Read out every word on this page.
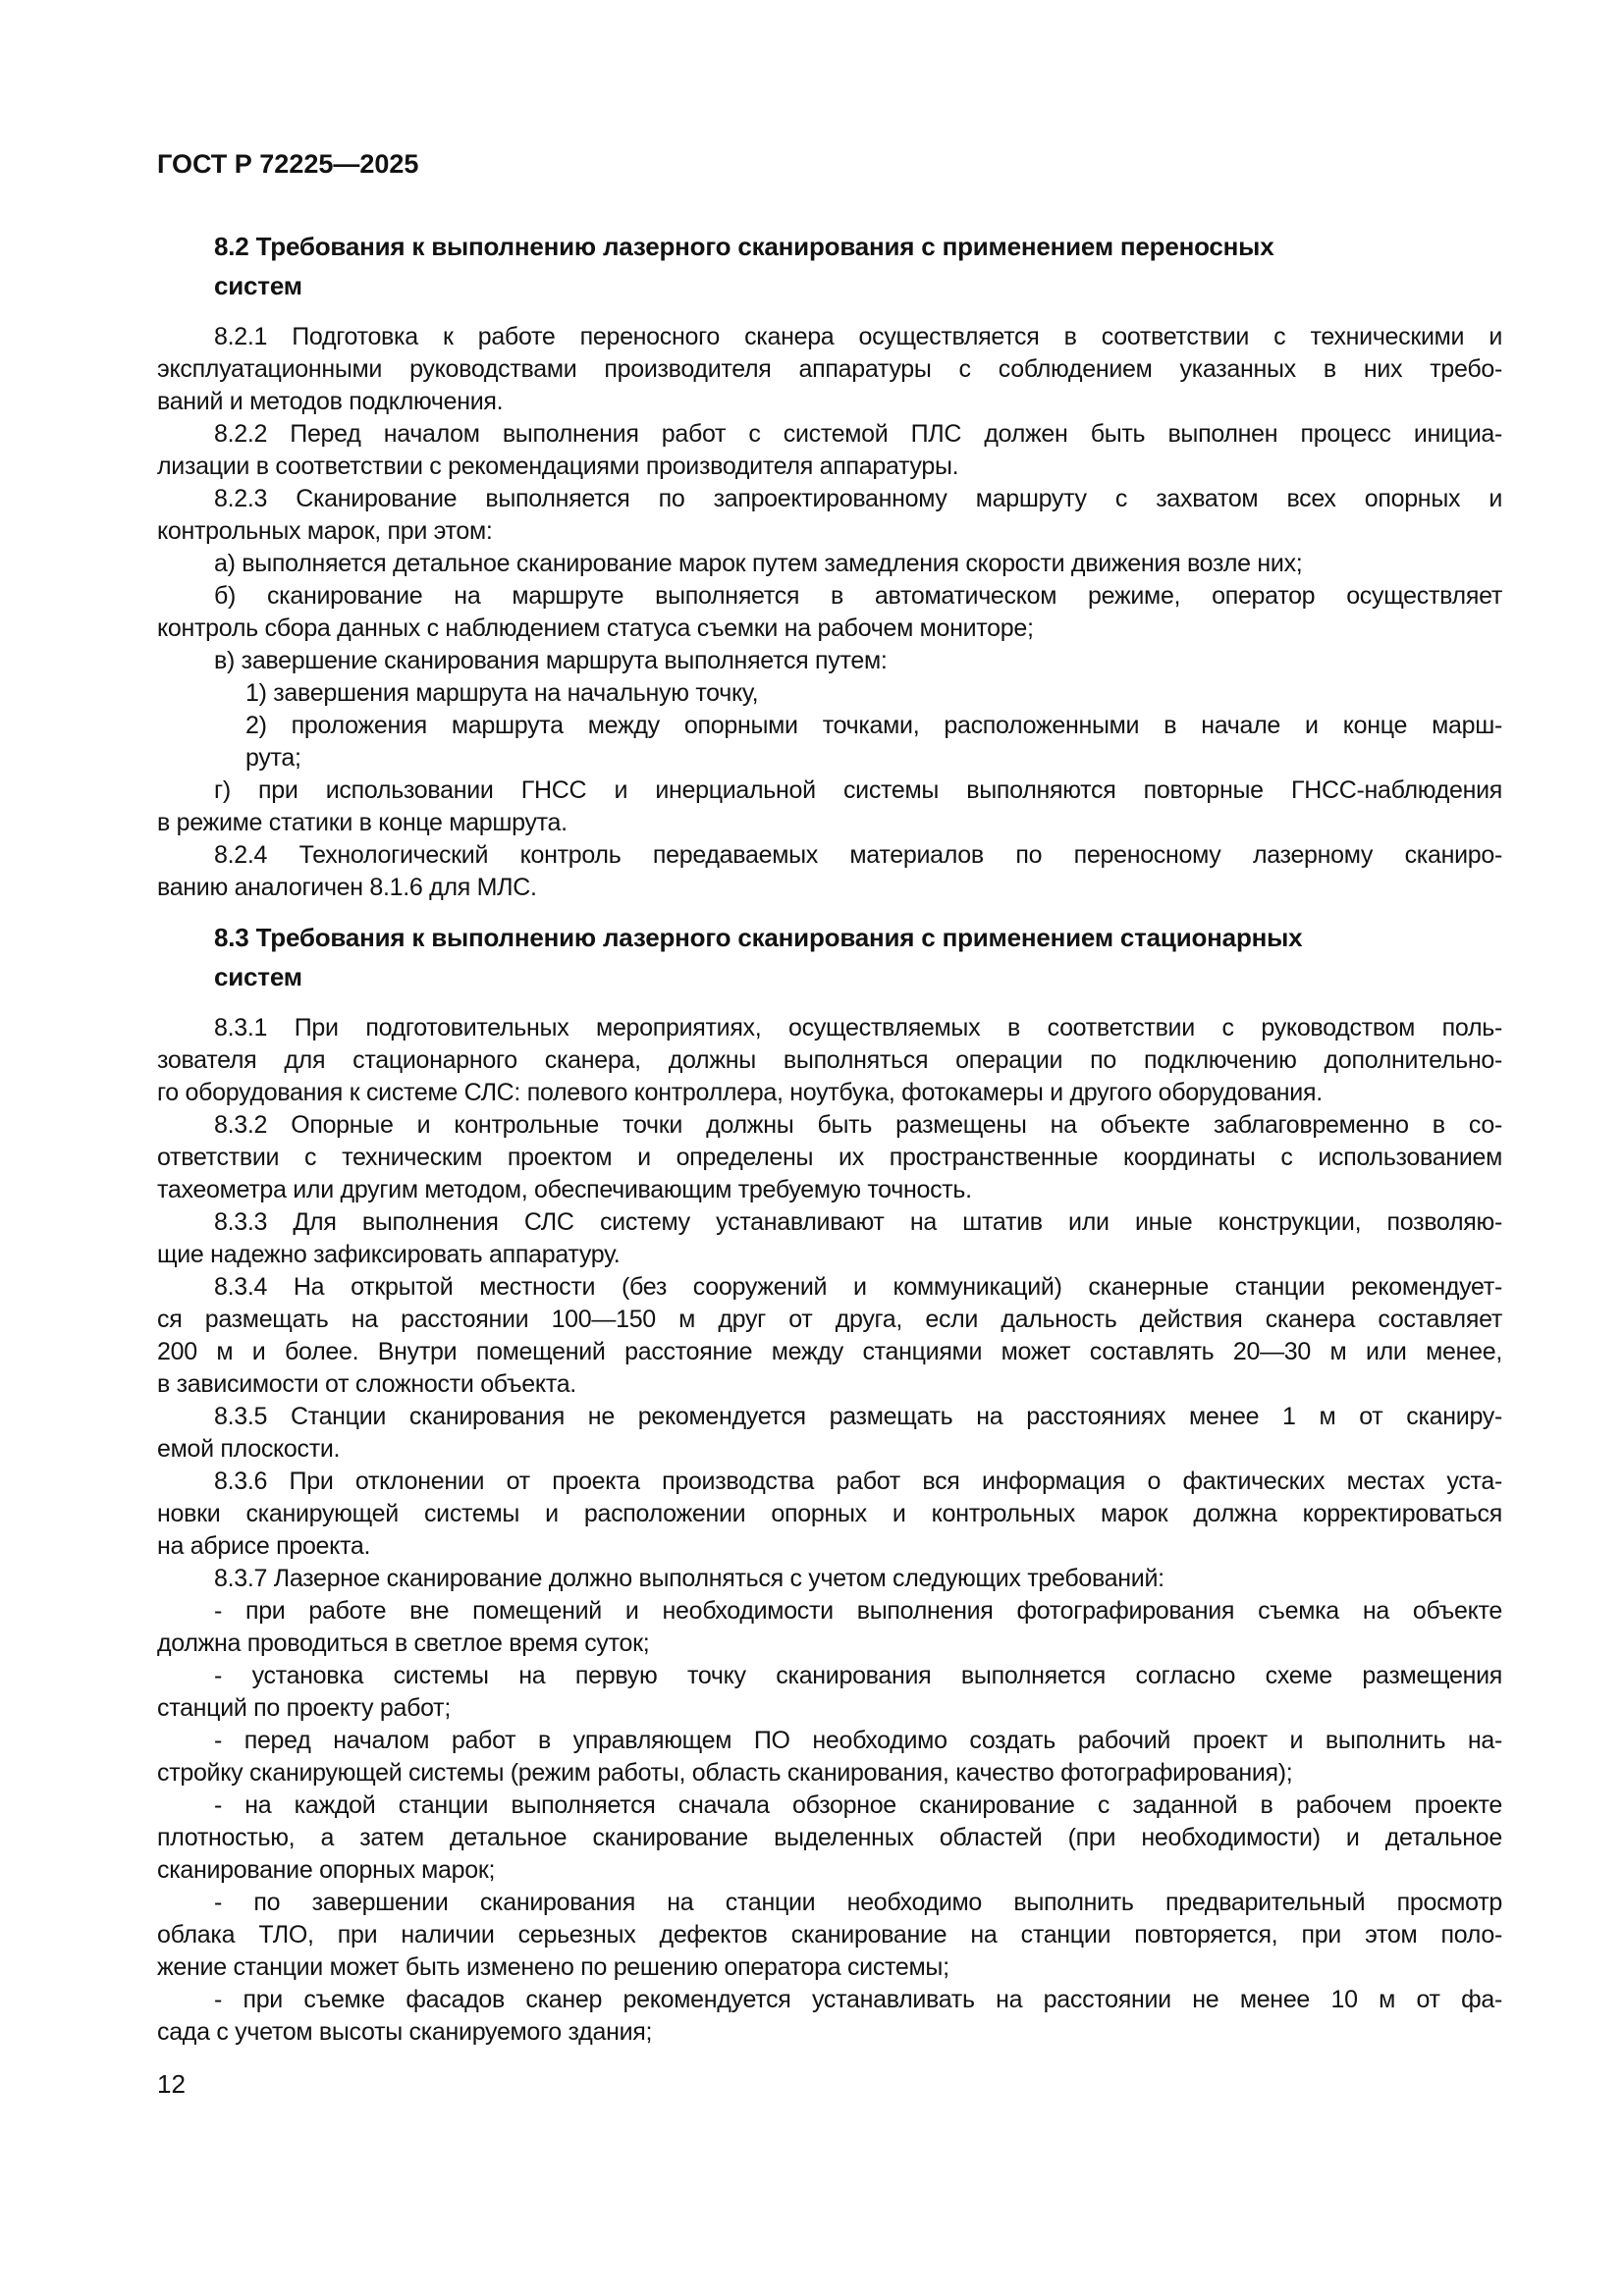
ГОСТ Р 72225—2025
8.2 Требования к выполнению лазерного сканирования с применением переносных
систем
8.2.1 Подготовка к работе переносного сканера осуществляется в соответствии с техническими и
эксплуатационными руководствами производителя аппаратуры с соблюдением указанных в них требо-
ваний и методов подключения.
8.2.2 Перед началом выполнения работ с системой ПЛС должен быть выполнен процесс инициа-
лизации в соответствии с рекомендациями производителя аппаратуры.
8.2.3 Сканирование выполняется по запроектированному маршруту с захватом всех опорных и
контрольных марок, при этом:
а) выполняется детальное сканирование марок путем замедления скорости движения возле них;
б) сканирование на маршруте выполняется в автоматическом режиме, оператор осуществляет
контроль сбора данных с наблюдением статуса съемки на рабочем мониторе;
в) завершение сканирования маршрута выполняется путем:
1) завершения маршрута на начальную точку,
2) проложения маршрута между опорными точками, расположенными в начале и конце марш-
рута;
г) при использовании ГНСС и инерциальной системы выполняются повторные ГНСС-наблюдения
в режиме статики в конце маршрута.
8.2.4 Технологический контроль передаваемых материалов по переносному лазерному сканиро-
ванию аналогичен 8.1.6 для МЛС.
8.3 Требования к выполнению лазерного сканирования с применением стационарных
систем
8.3.1 При подготовительных мероприятиях, осуществляемых в соответствии с руководством поль-
зователя для стационарного сканера, должны выполняться операции по подключению дополнительно-
го оборудования к системе СЛС: полевого контроллера, ноутбука, фотокамеры и другого оборудования.
8.3.2 Опорные и контрольные точки должны быть размещены на объекте заблаговременно в со-
ответствии с техническим проектом и определены их пространственные координаты с использованием
тахеометра или другим методом, обеспечивающим требуемую точность.
8.3.3 Для выполнения СЛС систему устанавливают на штатив или иные конструкции, позволяю-
щие надежно зафиксировать аппаратуру.
8.3.4 На открытой местности (без сооружений и коммуникаций) сканерные станции рекомендует-
ся размещать на расстоянии 100—150 м друг от друга, если дальность действия сканера составляет
200 м и более. Внутри помещений расстояние между станциями может составлять 20—30 м или менее,
в зависимости от сложности объекта.
8.3.5 Станции сканирования не рекомендуется размещать на расстояниях менее 1 м от сканиру-
емой плоскости.
8.3.6 При отклонении от проекта производства работ вся информация о фактических местах уста-
новки сканирующей системы и расположении опорных и контрольных марок должна корректироваться
на абрисе проекта.
8.3.7 Лазерное сканирование должно выполняться с учетом следующих требований:
- при работе вне помещений и необходимости выполнения фотографирования съемка на объекте
должна проводиться в светлое время суток;
- установка системы на первую точку сканирования выполняется согласно схеме размещения
станций по проекту работ;
- перед началом работ в управляющем ПО необходимо создать рабочий проект и выполнить на-
стройку сканирующей системы (режим работы, область сканирования, качество фотографирования);
- на каждой станции выполняется сначала обзорное сканирование с заданной в рабочем проекте
плотностью, а затем детальное сканирование выделенных областей (при необходимости) и детальное
сканирование опорных марок;
- по завершении сканирования на станции необходимо выполнить предварительный просмотр
облака ТЛО, при наличии серьезных дефектов сканирование на станции повторяется, при этом поло-
жение станции может быть изменено по решению оператора системы;
- при съемке фасадов сканер рекомендуется устанавливать на расстоянии не менее 10 м от фа-
сада с учетом высоты сканируемого здания;
12
